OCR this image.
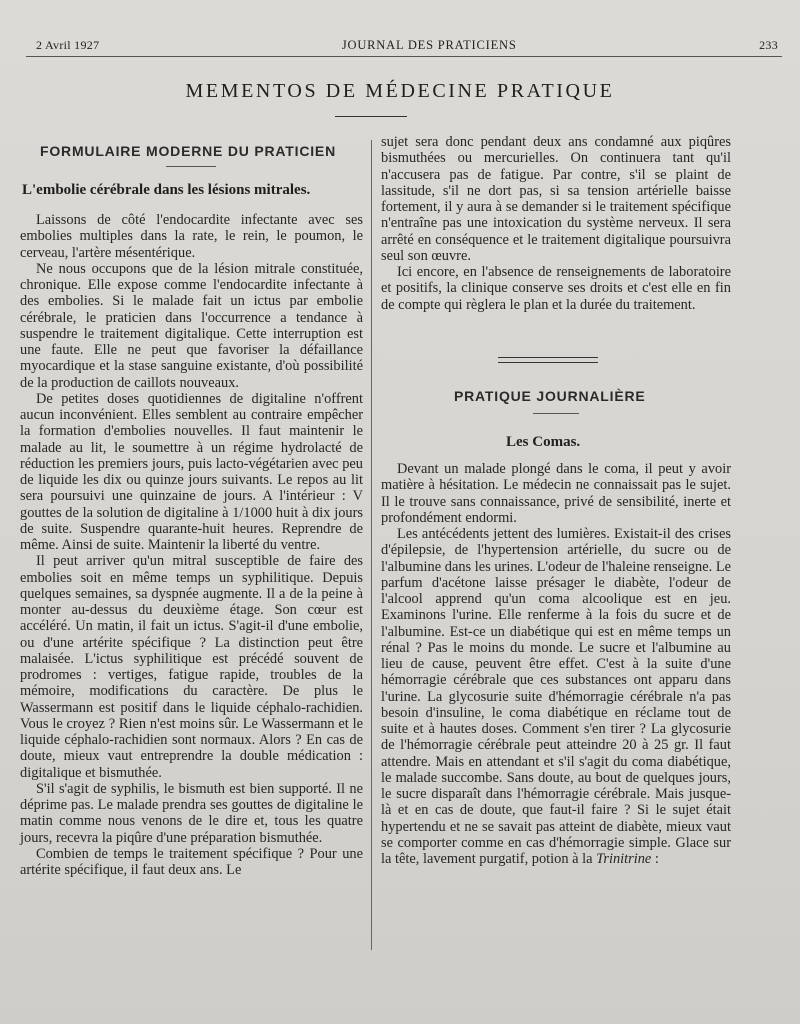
2 Avril 1927	JOURNAL DES PRATICIENS	233
MEMENTOS DE MÉDECINE PRATIQUE
FORMULAIRE MODERNE DU PRATICIEN
L'embolie cérébrale dans les lésions mitrales.

Laissons de côté l'endocardite infectante avec ses embolies multiples dans la rate, le rein, le poumon, le cerveau, l'artère mésentérique.

Ne nous occupons que de la lésion mitrale constituée, chronique. Elle expose comme l'endocardite infectante à des embolies. Si le malade fait un ictus par embolie cérébrale, le praticien dans l'occurrence a tendance à suspendre le traitement digitalique. Cette interruption est une faute. Elle ne peut que favoriser la défaillance myocardique et la stase sanguine existante, d'où possibilité de la production de caillots nouveaux.

De petites doses quotidiennes de digitaline n'offrent aucun inconvénient. Elles semblent au contraire empêcher la formation d'embolies nouvelles. Il faut maintenir le malade au lit, le soumettre à un régime hydrolacté de réduction les premiers jours, puis lacto-végétarien avec peu de liquide les dix ou quinze jours suivants. Le repos au lit sera poursuivi une quinzaine de jours. A l'intérieur : V gouttes de la solution de digitaline à 1/1000 huit à dix jours de suite. Suspendre quarante-huit heures. Reprendre de même. Ainsi de suite. Maintenir la liberté du ventre.

Il peut arriver qu'un mitral susceptible de faire des embolies soit en même temps un syphilitique. Depuis quelques semaines, sa dyspnée augmente. Il a de la peine à monter au-dessus du deuxième étage. Son cœur est accéléré. Un matin, il fait un ictus. S'agit-il d'une embolie, ou d'une artérite spécifique ? La distinction peut être malaisée. L'ictus syphilitique est précédé souvent de prodromes : vertiges, fatigue rapide, troubles de la mémoire, modifications du caractère. De plus le Wassermann est positif dans le liquide céphalo-rachidien. Vous le croyez ? Rien n'est moins sûr. Le Wassermann et le liquide céphalo-rachidien sont normaux. Alors ? En cas de doute, mieux vaut entreprendre la double médication : digitalique et bismuthée.

S'il s'agit de syphilis, le bismuth est bien supporté. Il ne déprime pas. Le malade prendra ses gouttes de digitaline le matin comme nous venons de le dire et, tous les quatre jours, recevra la piqûre d'une préparation bismuthée.

Combien de temps le traitement spécifique ? Pour une artérite spécifique, il faut deux ans. Le

sujet sera donc pendant deux ans condamné aux piqûres bismuthées ou mercurielles. On continuera tant qu'il n'accusera pas de fatigue. Par contre, s'il se plaint de lassitude, s'il ne dort pas, si sa tension artérielle baisse fortement, il y aura à se demander si le traitement spécifique n'entraîne pas une intoxication du système nerveux. Il sera arrêté en conséquence et le traitement digitalique poursuivra seul son œuvre.

Ici encore, en l'absence de renseignements de laboratoire et positifs, la clinique conserve ses droits et c'est elle en fin de compte qui règlera le plan et la durée du traitement.

PRATIQUE JOURNALIÈRE
Les Comas.

Devant un malade plongé dans le coma, il peut y avoir matière à hésitation. Le médecin ne connaissait pas le sujet. Il le trouve sans connaissance, privé de sensibilité, inerte et profondément endormi.

Les antécédents jettent des lumières. Existait-il des crises d'épilepsie, de l'hypertension artérielle, du sucre ou de l'albumine dans les urines. L'odeur de l'haleine renseigne. Le parfum d'acétone laisse présager le diabète, l'odeur de l'alcool apprend qu'un coma alcoolique est en jeu. Examinons l'urine. Elle renferme à la fois du sucre et de l'albumine. Est-ce un diabétique qui est en même temps un rénal ? Pas le moins du monde. Le sucre et l'albumine au lieu de cause, peuvent être effet. C'est à la suite d'une hémorragie cérébrale que ces substances ont apparu dans l'urine. La glycosurie suite d'hémorragie cérébrale n'a pas besoin d'insuline, le coma diabétique en réclame tout de suite et à hautes doses. Comment s'en tirer ? La glycosurie de l'hémorragie cérébrale peut atteindre 20 à 25 gr. Il faut attendre. Mais en attendant et s'il s'agit du coma diabétique, le malade succombe. Sans doute, au bout de quelques jours, le sucre disparaît dans l'hémorragie cérébrale. Mais jusque-là et en cas de doute, que faut-il faire ? Si le sujet était hypertendu et ne se savait pas atteint de diabète, mieux vaut se comporter comme en cas d'hémorragie simple. Glace sur la tête, lavement purgatif, potion à la Trinitrine :
